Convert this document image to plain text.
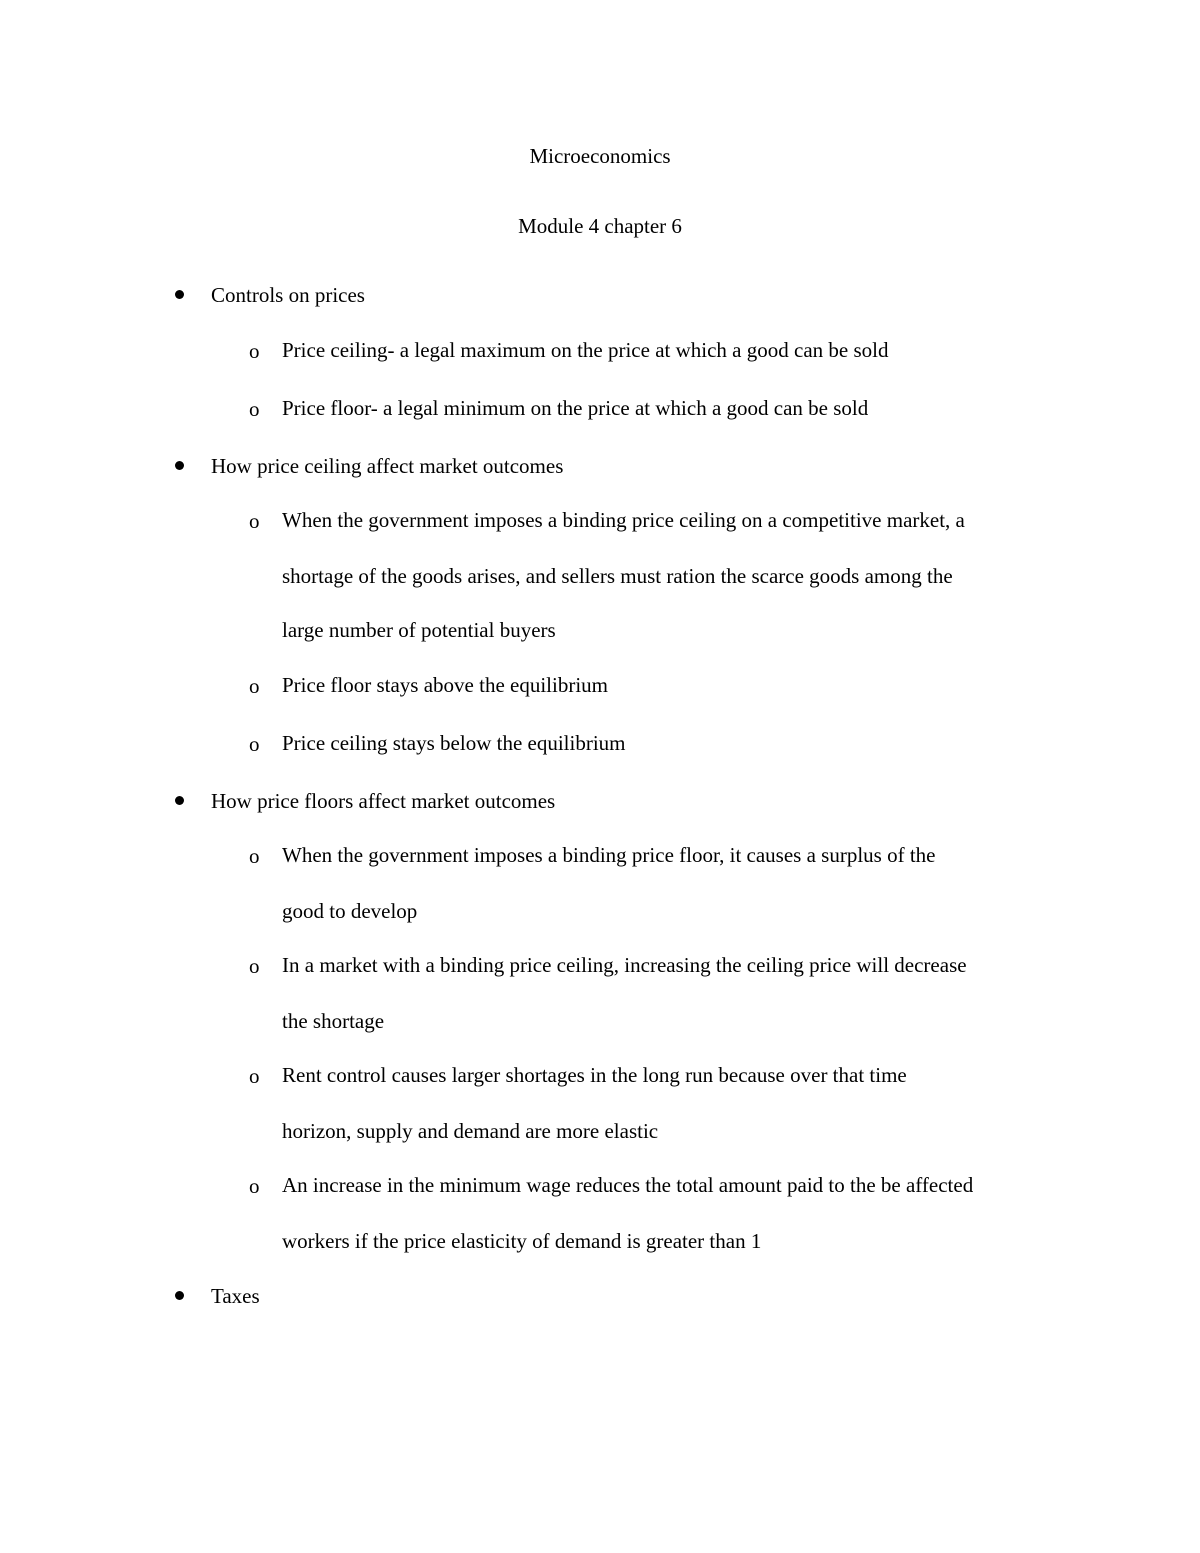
Microeconomics
Module 4 chapter 6
Controls on prices
o Price ceiling- a legal maximum on the price at which a good can be sold
o Price floor- a legal minimum on the price at which a good can be sold
How price ceiling affect market outcomes
o When the government imposes a binding price ceiling on a competitive market, a
shortage of the goods arises, and sellers must ration the scarce goods among the
large number of potential buyers
o Price floor stays above the equilibrium
o Price ceiling stays below the equilibrium
How price floors affect market outcomes
o When the government imposes a binding price floor, it causes a surplus of the
good to develop
o In a market with a binding price ceiling, increasing the ceiling price will decrease
the shortage
o Rent control causes larger shortages in the long run because over that time
horizon, supply and demand are more elastic
o An increase in the minimum wage reduces the total amount paid to the be affected
workers if the price elasticity of demand is greater than 1
Taxes
